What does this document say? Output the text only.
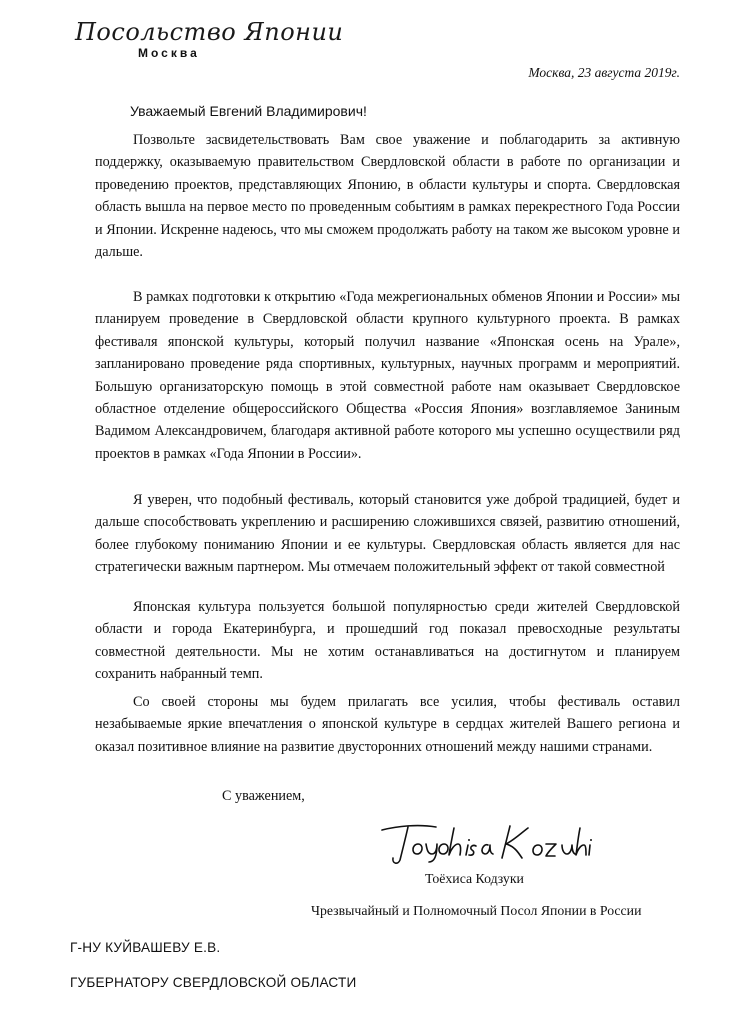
Посольство Японии
Москва
Москва, 23 августа 2019г.
Уважаемый Евгений Владимирович!

Позвольте засвидетельствовать Вам свое уважение и поблагодарить за активную поддержку, оказываемую правительством Свердловской области в работе по организации и проведению проектов, представляющих Японию, в области культуры и спорта. Свердловская область вышла на первое место по проведенным событиям в рамках перекрестного Года России и Японии. Искренне надеюсь, что мы сможем продолжать работу на таком же высоком уровне и дальше.

В рамках подготовки к открытию «Года межрегиональных обменов Японии и России» мы планируем проведение в Свердловской области крупного культурного проекта. В рамках фестиваля японской культуры, который получил название «Японская осень на Урале», запланировано проведение ряда спортивных, культурных, научных программ и мероприятий. Большую организаторскую помощь в этой совместной работе нам оказывает Свердловское областное отделение общероссийского Общества «Россия Япония» возглавляемое Заниным Вадимом Александровичем, благодаря активной работе которого мы успешно осуществили ряд проектов в рамках «Года Японии в России».

Я уверен, что подобный фестиваль, который становится уже доброй традицией, будет и дальше способствовать укреплению и расширению сложившихся связей, развитию отношений, более глубокому пониманию Японии и ее культуры. Свердловская область является для нас стратегически важным партнером. Мы отмечаем положительный эффект от такой совместной

Японская культура пользуется большой популярностью среди жителей Свердловской области и города Екатеринбурга, и прошедший год показал превосходные результаты совместной деятельности. Мы не хотим останавливаться на достигнутом и планируем сохранить набранный темп.

Со своей стороны мы будем прилагать все усилия, чтобы фестиваль оставил незабываемые яркие впечатления о японской культуре в сердцах жителей Вашего региона и оказал позитивное влияние на развитие двусторонних отношений между нашими странами.

С уважением,
Тоёхиса Кодзуки
Чрезвычайный и Полномочный Посол Японии в России
Г-НУ КУЙВАШЕВУ Е.В.
ГУБЕРНАТОРУ СВЕРДЛОВСКОЙ ОБЛАСТИ
